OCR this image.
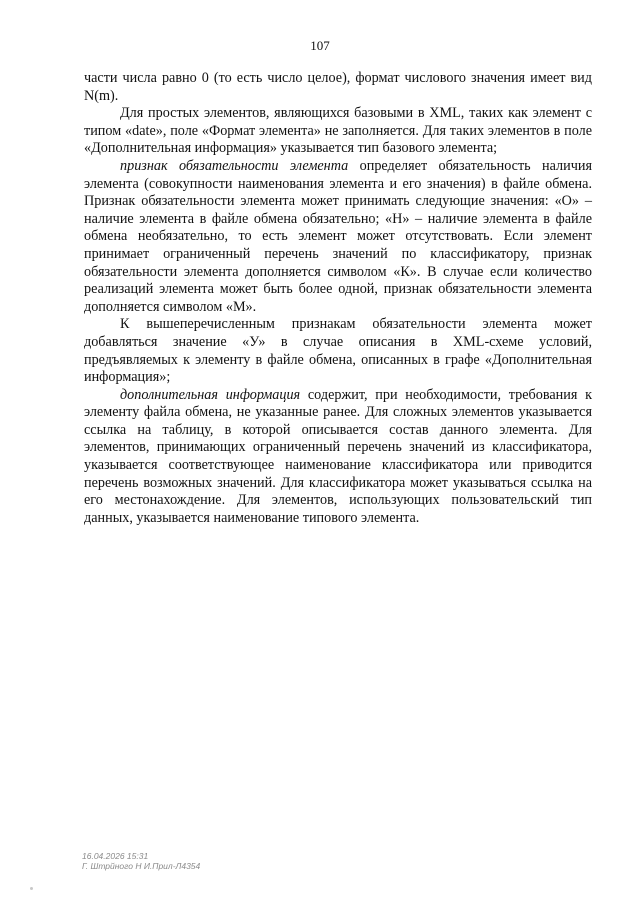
107

части числа равно 0 (то есть число целое), формат числового значения имеет вид N(m).

Для простых элементов, являющихся базовыми в XML, таких как элемент с типом «date», поле «Формат элемента» не заполняется. Для таких элементов в поле «Дополнительная информация» указывается тип базового элемента;

признак обязательности элемента определяет обязательность наличия элемента (совокупности наименования элемента и его значения) в файле обмена. Признак обязательности элемента может принимать следующие значения: «О» – наличие элемента в файле обмена обязательно; «Н» – наличие элемента в файле обмена необязательно, то есть элемент может отсутствовать. Если элемент принимает ограниченный перечень значений по классификатору, признак обязательности элемента дополняется символом «К». В случае если количество реализаций элемента может быть более одной, признак обязательности элемента дополняется символом «М».

К вышеперечисленным признакам обязательности элемента может добавляться значение «У» в случае описания в XML-схеме условий, предъявляемых к элементу в файле обмена, описанных в графе «Дополнительная информация»;

дополнительная информация содержит, при необходимости, требования к элементу файла обмена, не указанные ранее. Для сложных элементов указывается ссылка на таблицу, в которой описывается состав данного элемента. Для элементов, принимающих ограниченный перечень значений из классификатора, указывается соответствующее наименование классификатора или приводится перечень возможных значений. Для классификатора может указываться ссылка на его местонахождение. Для элементов, использующих пользовательский тип данных, указывается наименование типового элемента.

16.04.2026 15:31
Г. Штрйного Н И.Прил-Л4354
